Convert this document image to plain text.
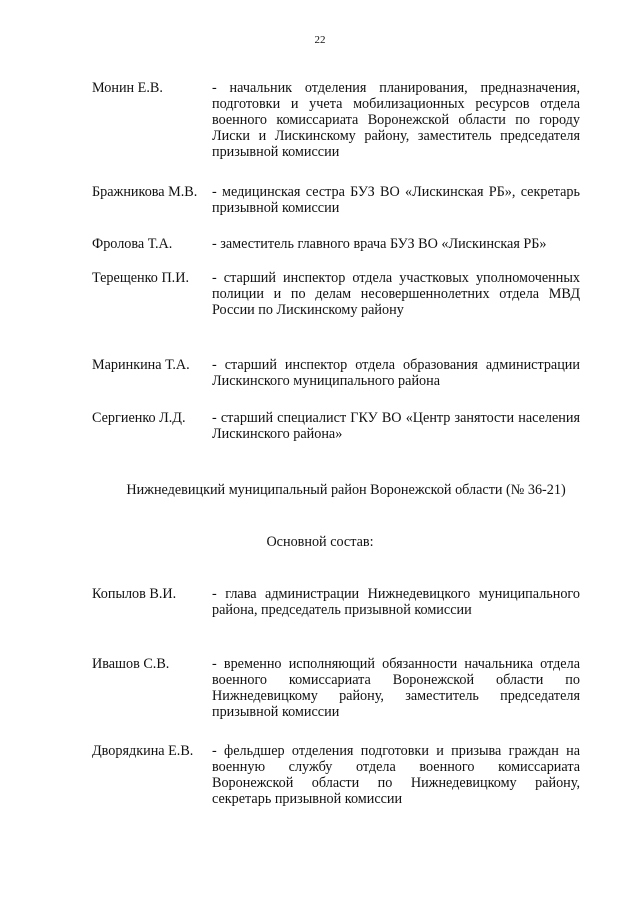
22
Монин Е.В.	- начальник отделения планирования, предназначения, подготовки и учета мобилизационных ресурсов отдела военного комиссариата Воронежской области по городу Лиски и Лискинскому району, заместитель председателя призывной комиссии
Бражникова М.В. - медицинская сестра БУЗ ВО «Лискинская РБ», секретарь призывной комиссии
Фролова Т.А.	- заместитель главного врача БУЗ ВО «Лискинская РБ»
Терещенко П.И. - старший инспектор отдела участковых уполномоченных полиции и по делам несовершеннолетних отдела МВД России по Лискинскому району
Маринкина Т.А. - старший инспектор отдела образования администрации Лискинского муниципального района
Сергиенко Л.Д. - старший специалист ГКУ ВО «Центр занятости населения Лискинского района»
Нижнедевицкий муниципальный район Воронежской области (№ 36-21)
Основной состав:
Копылов В.И.	- глава администрации Нижнедевицкого муниципального района, председатель призывной комиссии
Ивашов С.В.	- временно исполняющий обязанности начальника отдела военного комиссариата Воронежской области по Нижнедевицкому району, заместитель председателя призывной комиссии
Дворядкина Е.В. - фельдшер отделения подготовки и призыва граждан на военную службу отдела военного комиссариата Воронежской области по Нижнедевицкому району, секретарь призывной комиссии
